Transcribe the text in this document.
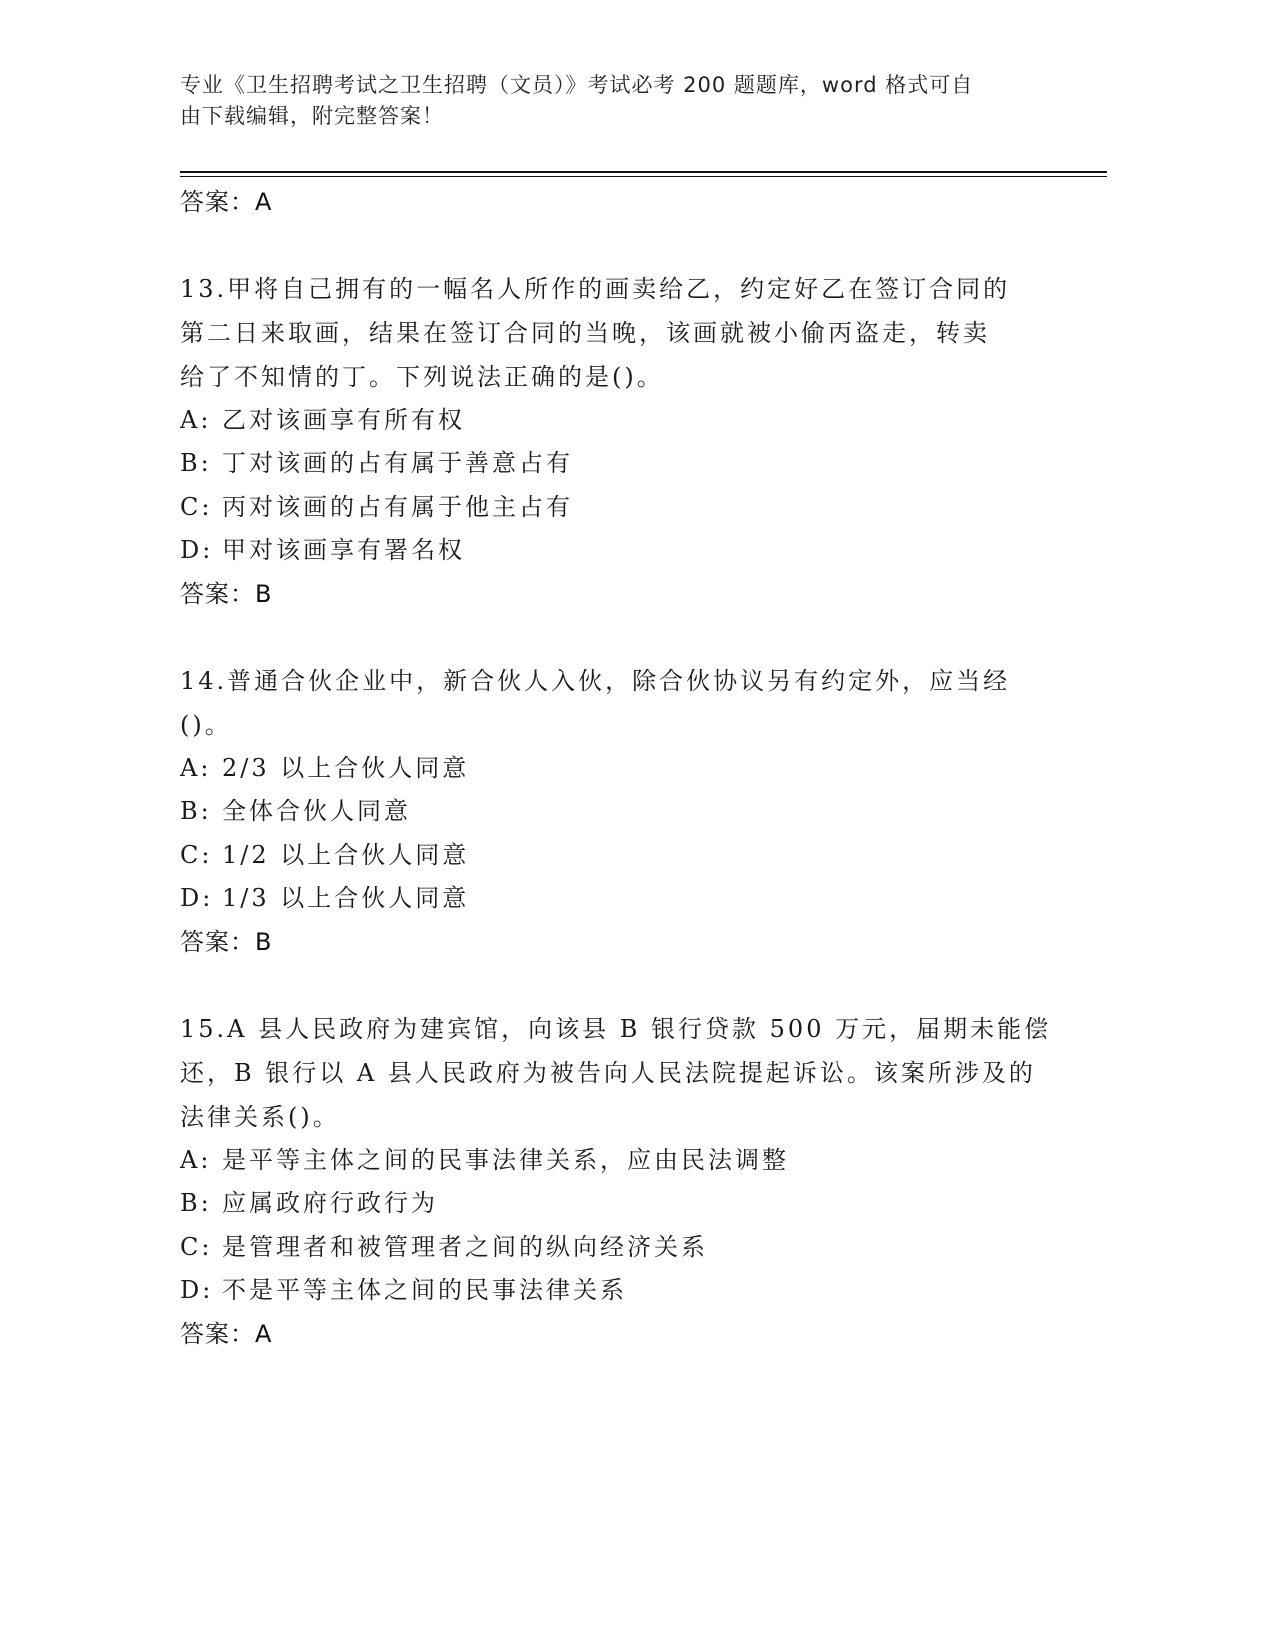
专业《卫生招聘考试之卫生招聘（文员）》考试必考 200 题题库，word 格式可自
由下载编辑，附完整答案！
答案：A
13.甲将自己拥有的一幅名人所作的画卖给乙，约定好乙在签订合同的
第二日来取画，结果在签订合同的当晚，该画就被小偷丙盗走，转卖
给了不知情的丁。下列说法正确的是()。
A: 乙对该画享有所有权
B: 丁对该画的占有属于善意占有
C: 丙对该画的占有属于他主占有
D: 甲对该画享有署名权
答案：B
14.普通合伙企业中，新合伙人入伙，除合伙协议另有约定外，应当经
()。
A: 2/3 以上合伙人同意
B: 全体合伙人同意
C: 1/2 以上合伙人同意
D: 1/3 以上合伙人同意
答案：B
15.A 县人民政府为建宾馆，向该县 B 银行贷款 500 万元，届期未能偿
还，B 银行以 A 县人民政府为被告向人民法院提起诉讼。该案所涉及的
法律关系()。
A: 是平等主体之间的民事法律关系，应由民法调整
B: 应属政府行政行为
C: 是管理者和被管理者之间的纵向经济关系
D: 不是平等主体之间的民事法律关系
答案：A
